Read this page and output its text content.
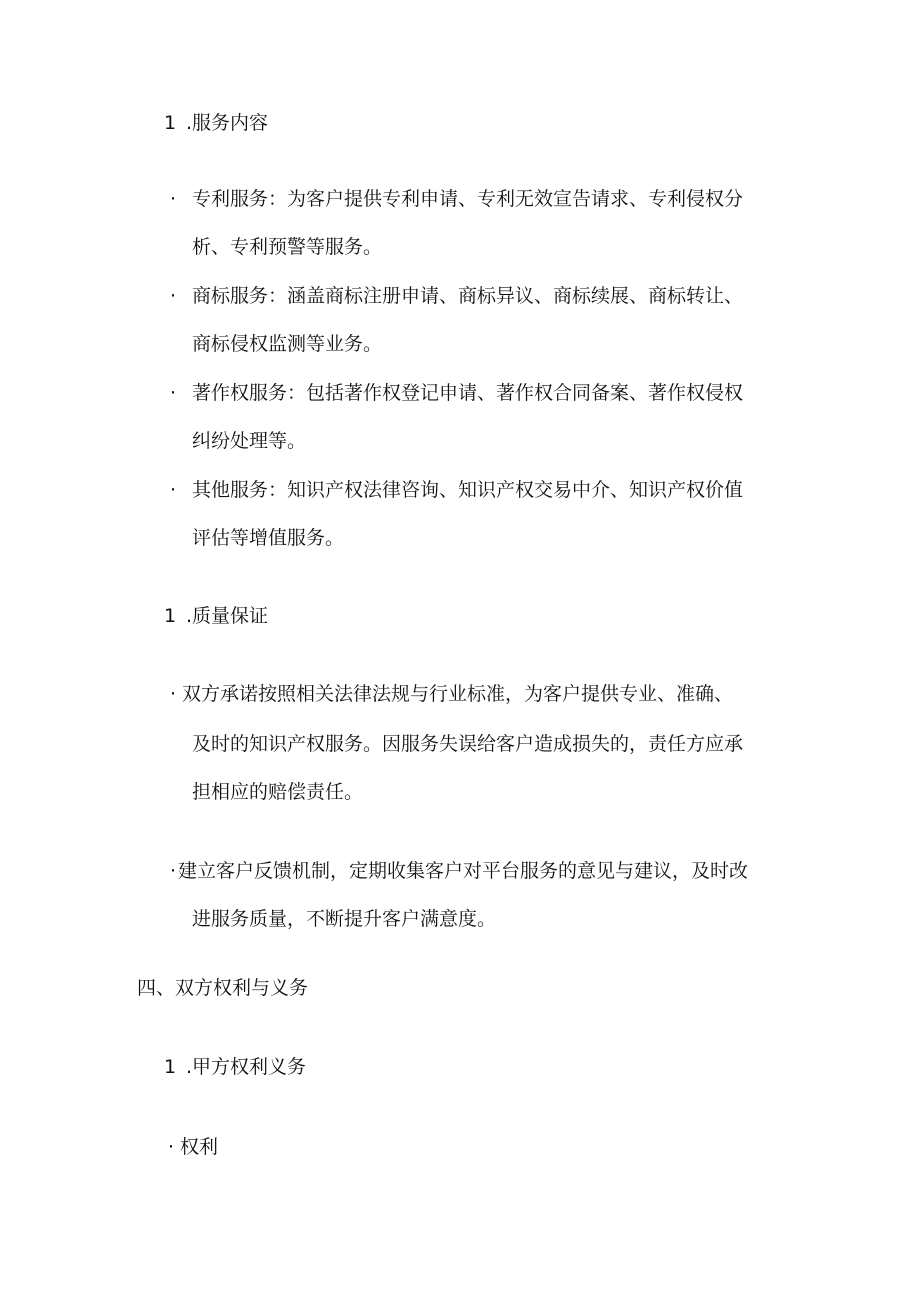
1 .服务内容

· 专利服务：为客户提供专利申请、专利无效宣告请求、专利侵权分

析、专利预警等服务。

· 商标服务：涵盖商标注册申请、商标异议、商标续展、商标转让、

商标侵权监测等业务。

· 著作权服务：包括著作权登记申请、著作权合同备案、著作权侵权

纠纷处理等。

· 其他服务：知识产权法律咨询、知识产权交易中介、知识产权价值

评估等增值服务。

1 .质量保证

· 双方承诺按照相关法律法规与行业标准，为客户提供专业、准确、

及时的知识产权服务。因服务失误给客户造成损失的，责任方应承

担相应的赔偿责任。

· 建立客户反馈机制，定期收集客户对平台服务的意见与建议，及时改

进服务质量，不断提升客户满意度。

四、双方权利与义务

1 .甲方权利义务

· 权利
